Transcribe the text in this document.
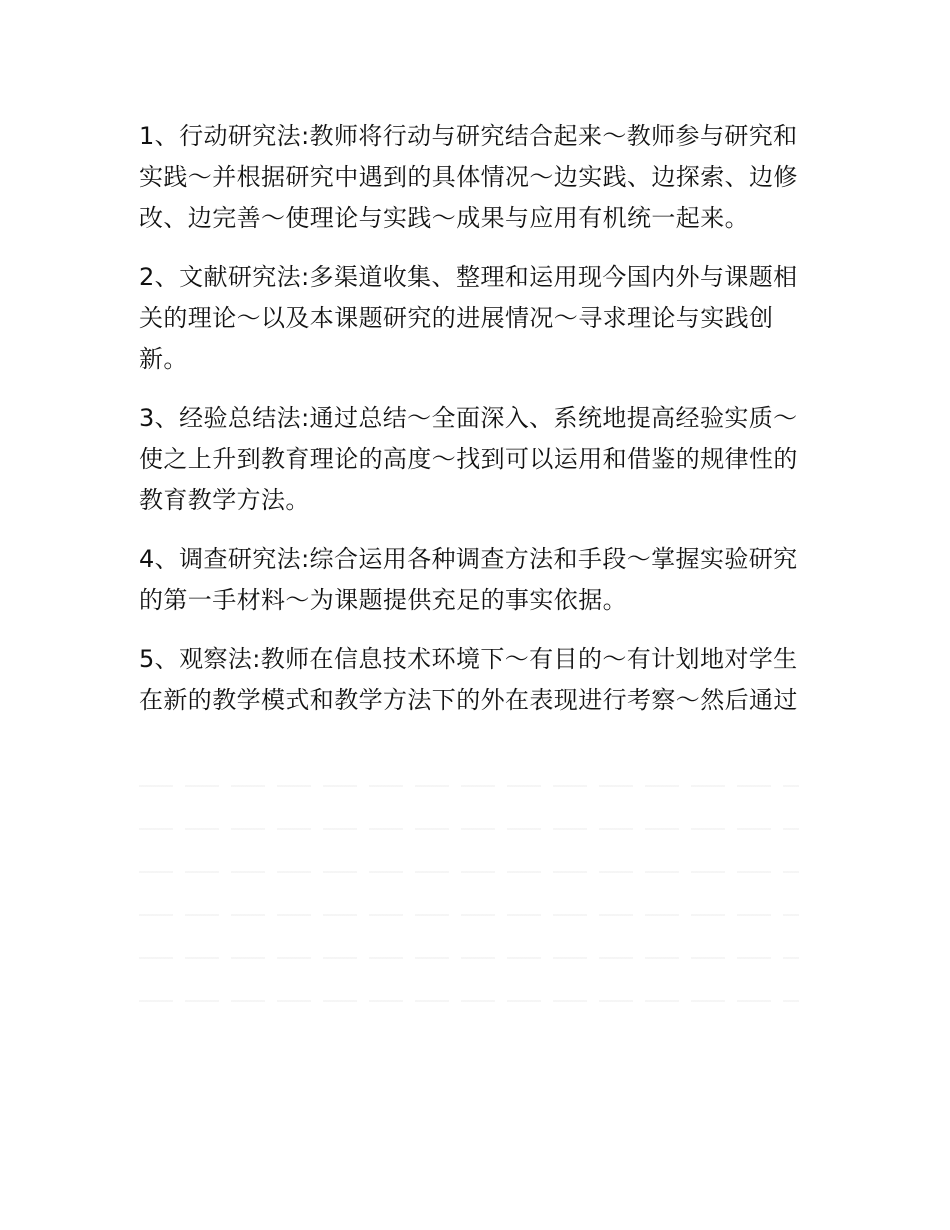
1、行动研究法:教师将行动与研究结合起来～教师参与研究和实践～并根据研究中遇到的具体情况～边实践、边探索、边修改、边完善～使理论与实践～成果与应用有机统一起来。

2、文献研究法:多渠道收集、整理和运用现今国内外与课题相关的理论～以及本课题研究的进展情况～寻求理论与实践创新。

3、经验总结法:通过总结～全面深入、系统地提高经验实质～使之上升到教育理论的高度～找到可以运用和借鉴的规律性的教育教学方法。

4、调查研究法:综合运用各种调查方法和手段～掌握实验研究的第一手材料～为课题提供充足的事实依据。

5、观察法:教师在信息技术环境下～有目的～有计划地对学生在新的教学模式和教学方法下的外在表现进行考察～然后通过
